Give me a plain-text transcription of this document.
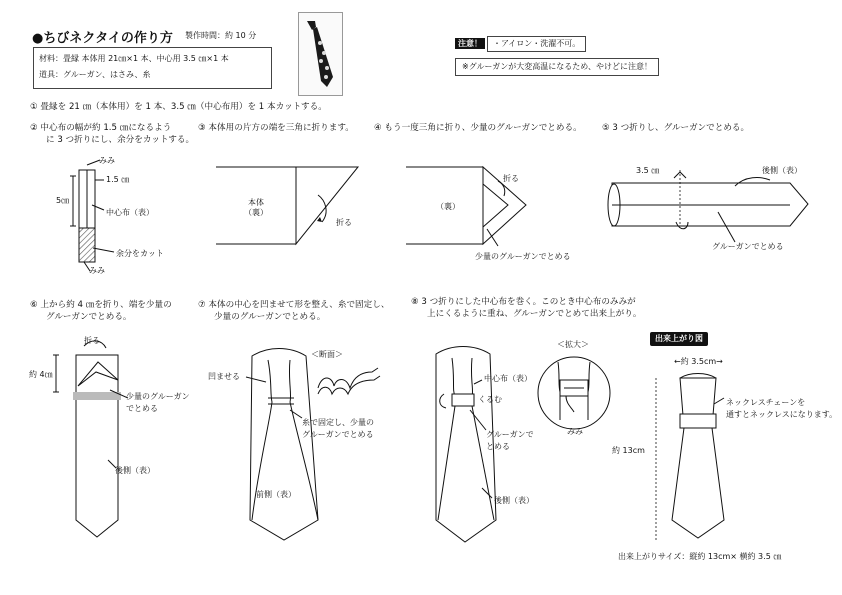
●ちびネクタイの作り方 製作時間：約 10 分
材料：畳縁 本体用 21㎝×1 本、中心用 3.5 ㎝×1 本
道具：グルーガン、はさみ、糸
注意！	・アイロン・洗濯不可。
※グルーガンが大変高温になるため、やけどに注意！
① 畳縁を 21 ㎝（本体用）を 1 本、3.5 ㎝（中心布用）を 1 本カットする。
② 中心布の幅が約 1.5 ㎝になるよう
に 3 つ折りにし、余分をカットする。
③ 本体用の片方の端を三角に折ります。 ④ もう一度三角に折り、少量のグルーガンでとめる。 ⑤ 3 つ折りし、グルーガンでとめる。
⑥ 上から約 4 ㎝を折り、端を少量の
グルーガンでとめる。
⑦ 本体の中心を凹ませて形を整え、糸で固定し、
少量のグルーガンでとめる。
⑧ 3 つ折りにした中心布を巻く。このとき中心布のみみが
上にくるように重ね、グルーガンでとめて出来上がり。
みみ
1.5 ㎝
5㎝
中心布（表）
余分をカット
みみ
本体
（裏）
折る
（裏）
折る
少量のグルーガンでとめる
3.5 ㎝	後側（表）
グルーガンでとめる
折る
約 4㎝
少量のグルーガン
でとめる
後側（表）
＜断面＞
凹ませる
糸で固定し、少量の
グルーガンでとめる
前側（表）
＜拡大＞
中心布（表）
くるむ
グルーガンで
とめる
みみ
後側（表）
出来上がり図
←約 3.5cm→
ネックレスチェーンを
通すとネックレスになります。
約 13cm
出来上がりサイズ：縦約 13cm× 横約 3.5 ㎝
